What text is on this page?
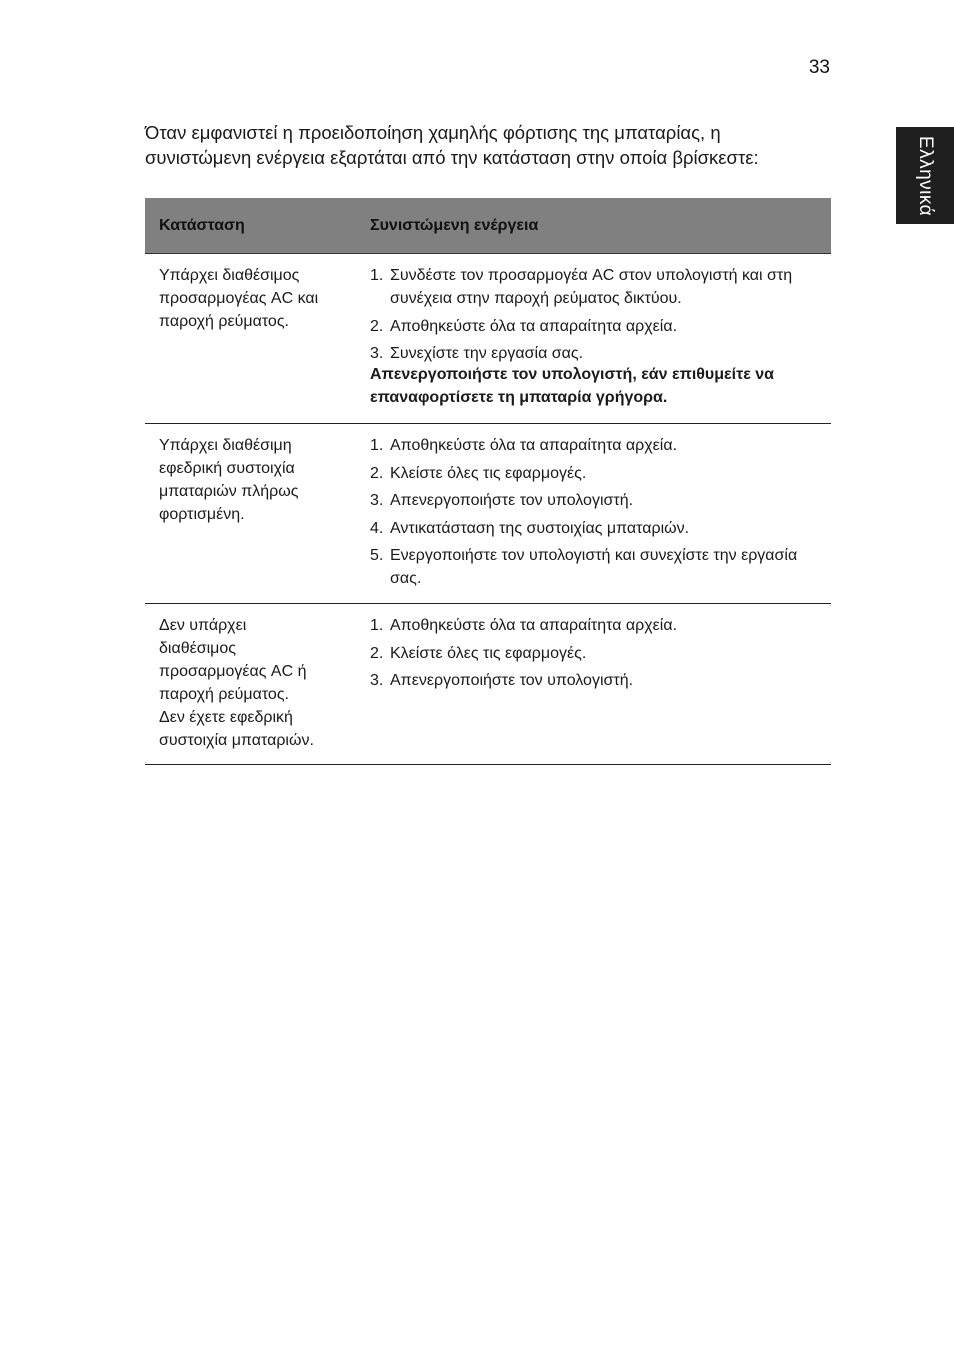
33
Ελληνικά

Όταν εμφανιστεί η προειδοποίηση χαμηλής φόρτισης της μπαταρίας, η

συνιστώμενη ενέργεια εξαρτάται από την κατάσταση στην οποία βρίσκεστε:

Κατάσταση	Συνιστώμενη ενέργεια
Υπάρχει διαθέσιμος
προσαρμογέας AC και
παροχή ρεύματος.
1. Συνδέστε τον προσαρμογέα AC στον υπολογιστή και στη συνέχεια στην παροχή ρεύματος δικτύου.
2. Αποθηκεύστε όλα τα απαραίτητα αρχεία.
3. Συνεχίστε την εργασία σας.
Απενεργοποιήστε τον υπολογιστή, εάν επιθυμείτε να επαναφορτίσετε τη μπαταρία γρήγορα.
Υπάρχει διαθέσιμη
εφεδρική συστοιχία
μπαταριών πλήρως
φορτισμένη.
1. Αποθηκεύστε όλα τα απαραίτητα αρχεία.
2. Κλείστε όλες τις εφαρμογές.
3. Απενεργοποιήστε τον υπολογιστή.
4. Αντικατάσταση της συστοιχίας μπαταριών.
5. Ενεργοποιήστε τον υπολογιστή και συνεχίστε την εργασία σας.
Δεν υπάρχει
διαθέσιμος
προσαρμογέας AC ή
παροχή ρεύματος.
Δεν έχετε εφεδρική
συστοιχία μπαταριών.
1. Αποθηκεύστε όλα τα απαραίτητα αρχεία.
2. Κλείστε όλες τις εφαρμογές.
3. Απενεργοποιήστε τον υπολογιστή.
